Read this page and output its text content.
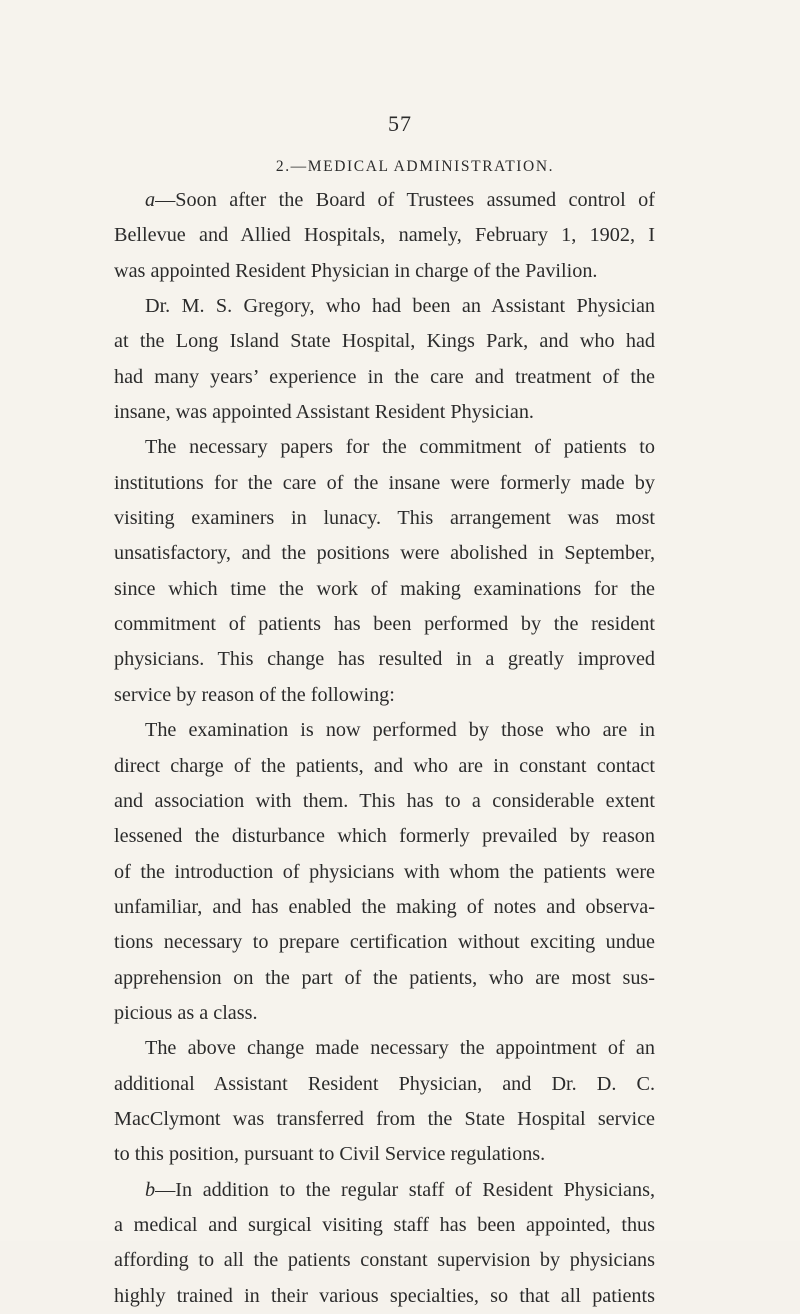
57
2.—MEDICAL ADMINISTRATION.
a—Soon after the Board of Trustees assumed control of
Bellevue and Allied Hospitals, namely, February 1, 1902, I
was appointed Resident Physician in charge of the Pavilion.
Dr. M. S. Gregory, who had been an Assistant Physician
at the Long Island State Hospital, Kings Park, and who had
had many years’ experience in the care and treatment of the
insane, was appointed Assistant Resident Physician.
The necessary papers for the commitment of patients to
institutions for the care of the insane were formerly made by
visiting examiners in lunacy. This arrangement was most
unsatisfactory, and the positions were abolished in September,
since which time the work of making examinations for the
commitment of patients has been performed by the resident
physicians. This change has resulted in a greatly improved
service by reason of the following:
The examination is now performed by those who are in
direct charge of the patients, and who are in constant contact
and association with them. This has to a considerable extent
lessened the disturbance which formerly prevailed by reason
of the introduction of physicians with whom the patients were
unfamiliar, and has enabled the making of notes and observa-
tions necessary to prepare certification without exciting undue
apprehension on the part of the patients, who are most sus-
picious as a class.
The above change made necessary the appointment of an
additional Assistant Resident Physician, and Dr. D. C.
MacClymont was transferred from the State Hospital service
to this position, pursuant to Civil Service regulations.
b—In addition to the regular staff of Resident Physicians,
a medical and surgical visiting staff has been appointed, thus
affording to all the patients constant supervision by physicians
highly trained in their various specialties, so that all patients
